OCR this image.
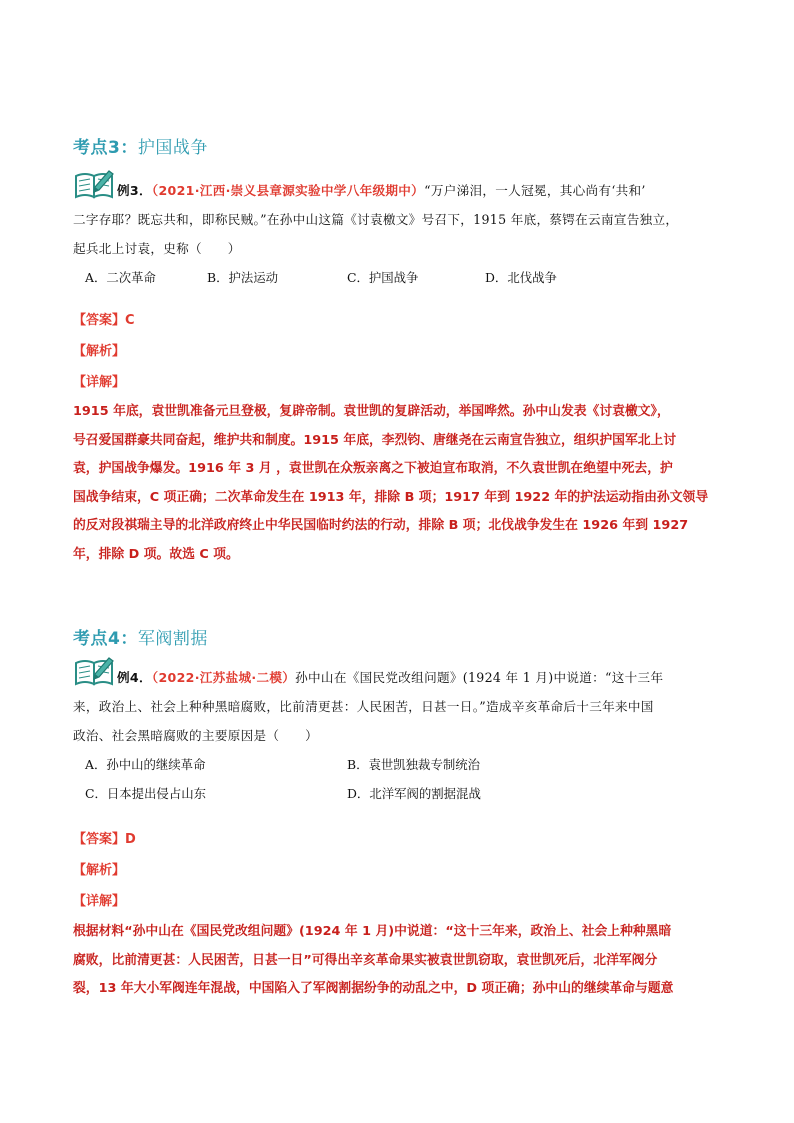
考点3：护国战争
例3．（2021·江西·崇义县章源实验中学八年级期中）“万户涕泪，一人冠冕，其心尚有‘共和’
二字存耶？既忘共和，即称民贼。”在孙中山这篇《讨袁檄文》号召下，1915 年底，蔡锷在云南宣告独立，
起兵北上讨袁，史称（　　）
A．二次革命	B．护法运动	C．护国战争	D．北伐战争
【答案】C
【解析】
【详解】
1915 年底，袁世凯准备元旦登极，复辟帝制。袁世凯的复辟活动，举国哗然。孙中山发表《讨袁檄文》，
号召爱国群豪共同奋起，维护共和制度。1915 年底，李烈钧、唐继尧在云南宣告独立，组织护国军北上讨
袁，护国战争爆发。1916 年 3 月 ，袁世凯在众叛亲离之下被迫宣布取消，不久袁世凯在绝望中死去，护
国战争结束，C 项正确；二次革命发生在 1913 年，排除 B 项；1917 年到 1922 年的护法运动指由孙文领导
的反对段祺瑞主导的北洋政府终止中华民国临时约法的行动，排除 B 项；北伐战争发生在 1926 年到 1927
年，排除 D 项。故选 C 项。
考点4：军阀割据
例4．（2022·江苏盐城·二模）孙中山在《国民党改组问题》(1924 年 1 月)中说道：“这十三年
来，政治上、社会上种种黑暗腐败，比前清更甚：人民困苦，日甚一日。”造成辛亥革命后十三年来中国
政治、社会黑暗腐败的主要原因是（　　）
A．孙中山的继续革命	B．袁世凯独裁专制统治
C．日本提出侵占山东	D．北洋军阀的割据混战
【答案】D
【解析】
【详解】
根据材料“孙中山在《国民党改组问题》(1924 年 1 月)中说道：“这十三年来，政治上、社会上种种黑暗
腐败，比前清更甚：人民困苦，日甚一日”可得出辛亥革命果实被袁世凯窃取，袁世凯死后，北洋军阀分
裂，13 年大小军阀连年混战，中国陷入了军阀割据纷争的动乱之中，D 项正确；孙中山的继续革命与题意
